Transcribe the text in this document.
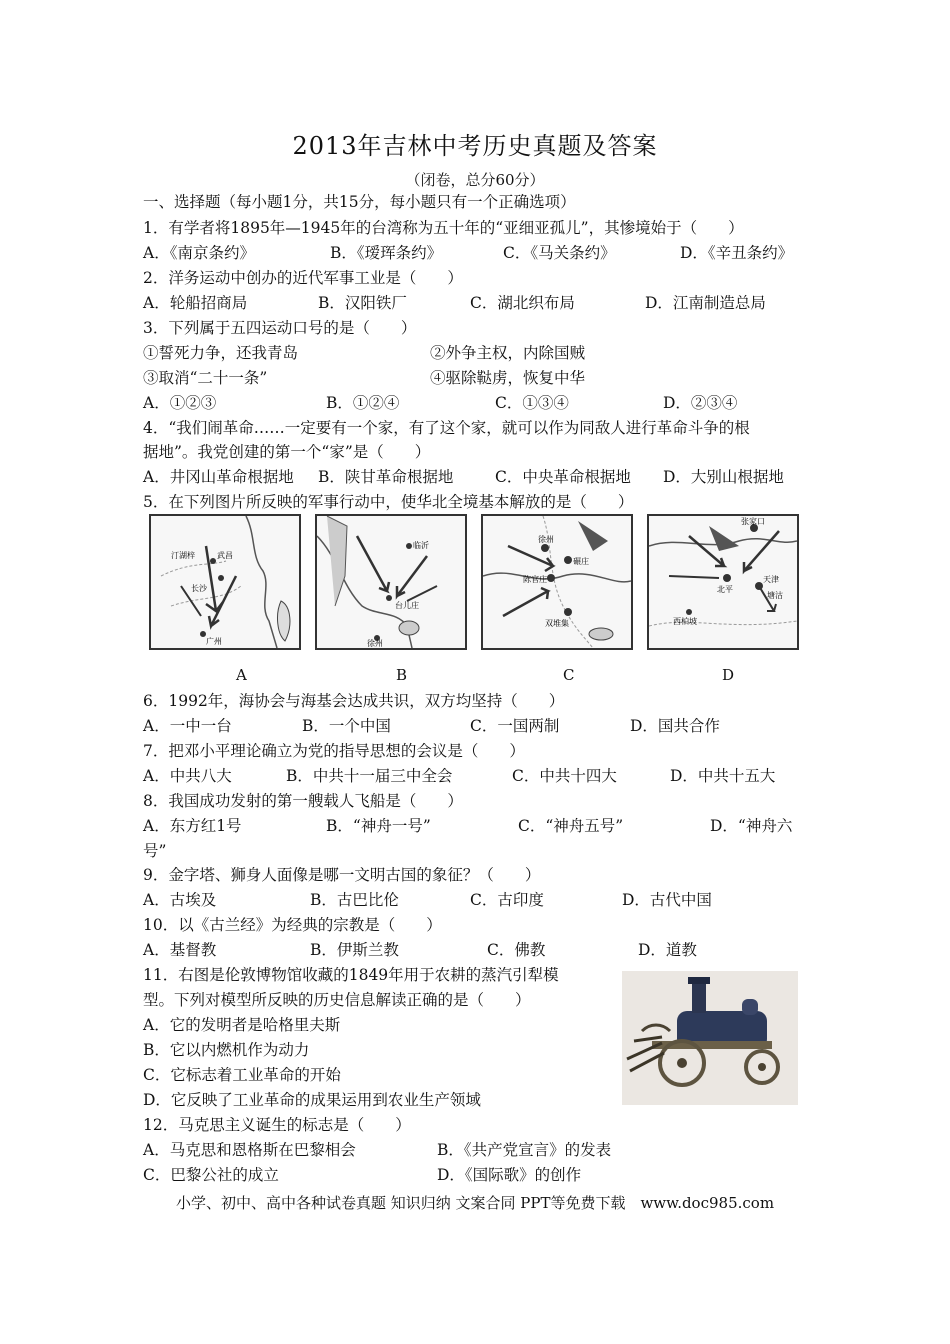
2013年吉林中考历史真题及答案
（闭卷，总分60分）
一、选择题（每小题1分，共15分，每小题只有一个正确选项）
1．有学者将1895年—1945年的台湾称为五十年的“亚细亚孤儿”，其惨境始于（　　）
A．《南京条约》	B．《瑷珲条约》	C．《马关条约》	D．《辛丑条约》
2．洋务运动中创办的近代军事工业是（　　）
A．轮船招商局	B．汉阳铁厂	C．湖北织布局	D．江南制造总局
3．下列属于五四运动口号的是（　　）
①誓死力争，还我青岛	②外争主权，内除国贼
③取消“二十一条”	④驱除鞑虏，恢复中华
A．①②③	B．①②④	C．①③④	D．②③④
4．“我们闹革命……一定要有一个家，有了这个家，就可以作为同敌人进行革命斗争的根
据地”。我党创建的第一个“家”是（　　）
A．井冈山革命根据地 B．陕甘革命根据地	C．中央革命根据地 D．大别山根据地
5．在下列图片所反映的军事行动中，使华北全境基本解放的是（　　）
汀湖梓	武昌
长沙
广州
临沂
台儿庄
徐州
徐州
碾庄
陈官庄
双堆集
张家口
北平
天津
塘沽
西柏坡
A	B	C	D
6．1992年，海协会与海基会达成共识，双方均坚持（　　）
A．一中一台	B．一个中国	C．一国两制	D．国共合作
7．把邓小平理论确立为党的指导思想的会议是（　　）
A．中共八大	B．中共十一届三中全会	C．中共十四大	D．中共十五大
8．我国成功发射的第一艘载人飞船是（　　）
A．东方红1号	B．“神舟一号”	C．“神舟五号”	D．“神舟六
号”
9．金字塔、狮身人面像是哪一文明古国的象征？（　　）
A．古埃及	B．古巴比伦	C．古印度	D．古代中国
10．以《古兰经》为经典的宗教是（　　）
A．基督教	B．伊斯兰教	C．佛教	D．道教
11．右图是伦敦博物馆收藏的1849年用于农耕的蒸汽引犁模
型。下列对模型所反映的历史信息解读正确的是（　　）
A．它的发明者是哈格里夫斯
B．它以内燃机作为动力
C．它标志着工业革命的开始
D．它反映了工业革命的成果运用到农业生产领域
12．马克思主义诞生的标志是（　　）
A．马克思和恩格斯在巴黎相会	B．《共产党宣言》的发表
C．巴黎公社的成立	D．《国际歌》的创作
小学、初中、高中各种试卷真题 知识归纳 文案合同 PPT等免费下载　www.doc985.com
